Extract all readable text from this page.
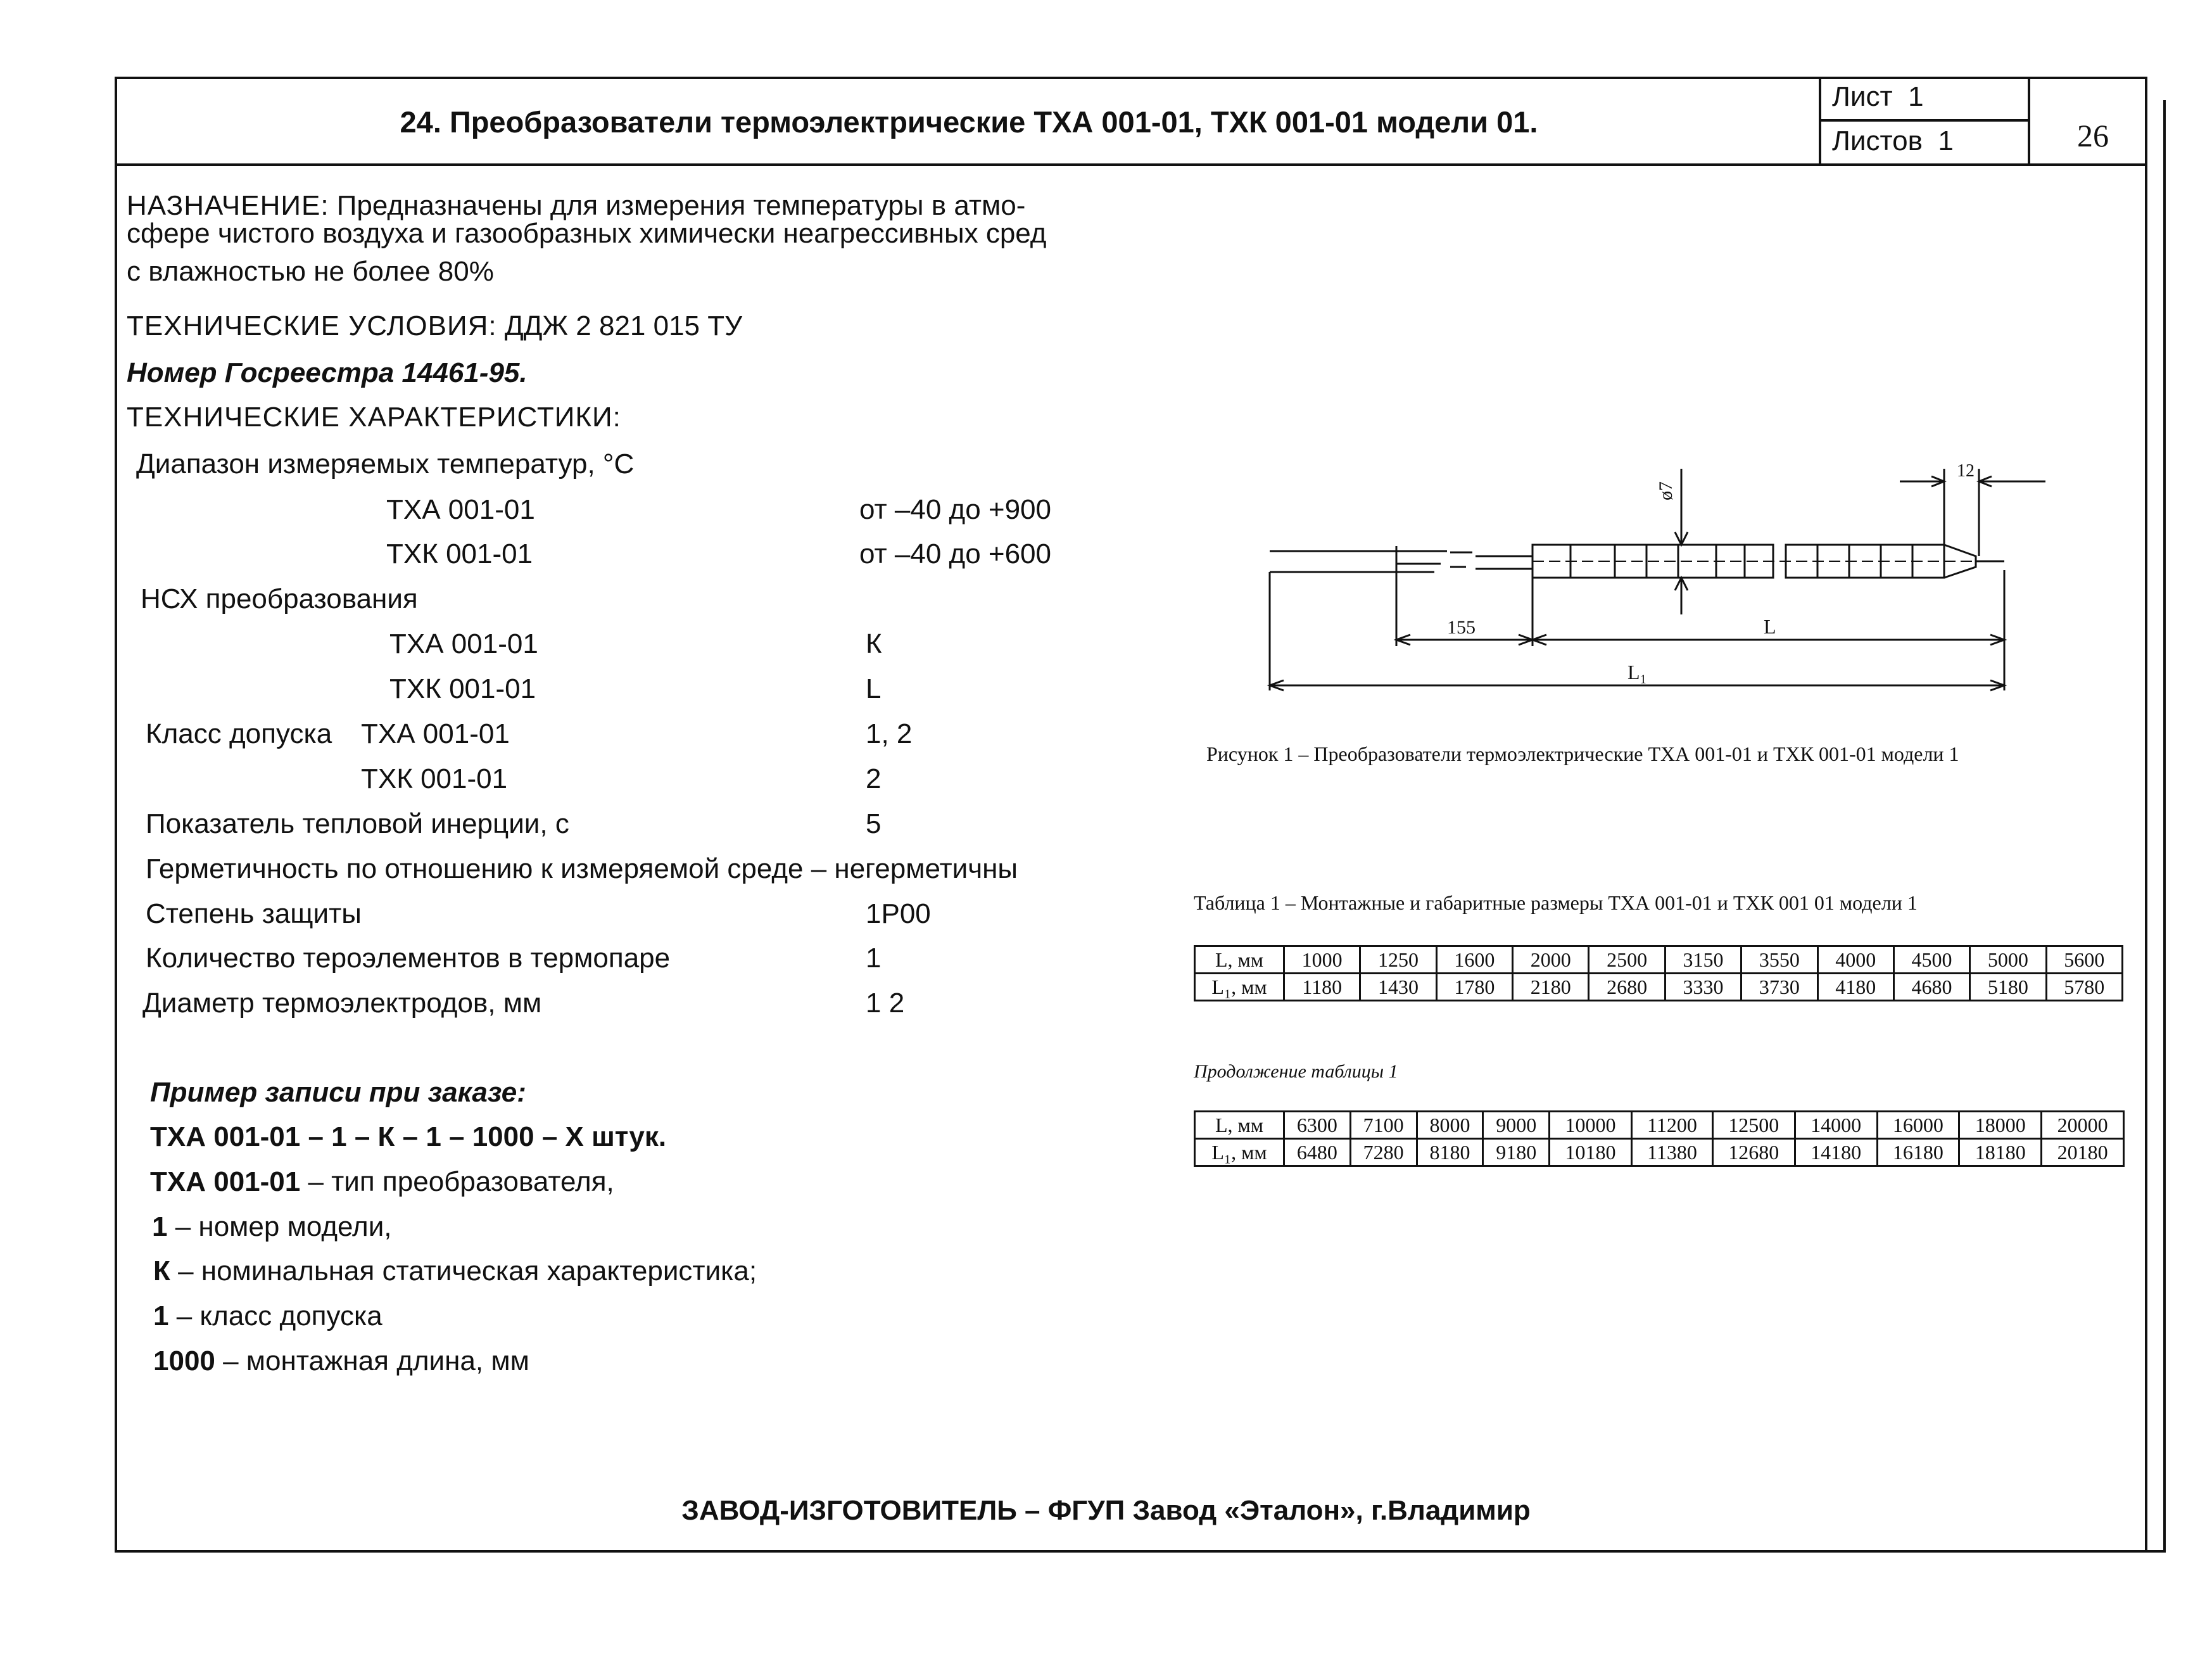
24. Преобразователи термоэлектрические ТХА 001-01, ТХК 001-01 модели 01.
Лист 1
Листов 1	26
НАЗНАЧЕНИЕ: Предназначены для измерения температуры в атмо-
сфере чистого воздуха и газообразных химически неагрессивных сред
с влажностью не более 80%
ТЕХНИЧЕСКИЕ УСЛОВИЯ: ДДЖ 2 821 015 ТУ
Номер Госреестра 14461-95.
ТЕХНИЧЕСКИЕ ХАРАКТЕРИСТИКИ:
Диапазон измеряемых температур, °С
ТХА 001-01	от –40 до +900
ТХК 001-01	от –40 до +600
НСХ преобразования
ТХА 001-01	К
ТХК 001-01	L
Класс допуска ТХА 001-01	1, 2
ТХК 001-01	2
Показатель тепловой инерции, с	5
Герметичность по отношению к измеряемой среде – негерметичны
Степень защиты	1Р00
Количество тероэлементов в термопаре	1
Диаметр термоэлектродов, мм	1 2
Пример записи при заказе:
ТХА 001-01 – 1 – К – 1 – 1000 – Х штук.
ТХА 001-01 – тип преобразователя,
1 – номер модели,
К – номинальная статическая характеристика;
1 – класс допуска
1000 – монтажная длина, мм
ø7
12
155	L
L₁
Рисунок 1 – Преобразователи термоэлектрические ТХА 001-01 и ТХК 001-01 модели 1
Таблица 1 – Монтажные и габаритные размеры ТХА 001-01 и ТХК 001 01 модели 1
L, мм	1000	1250	1600	2000	2500	3150	3550	4000	4500	5000	5600
L₁, мм	1180	1430	1780	2180	2680	3330	3730	4180	4680	5180	5780
Продолжение таблицы 1
L, мм	6300	7100	8000	9000	10000	11200	12500	14000	16000	18000	20000
L₁, мм	6480	7280	8180	9180	10180	11380	12680	14180	16180	18180	20180
ЗАВОД-ИЗГОТОВИТЕЛЬ – ФГУП Завод «Эталон», г.Владимир
